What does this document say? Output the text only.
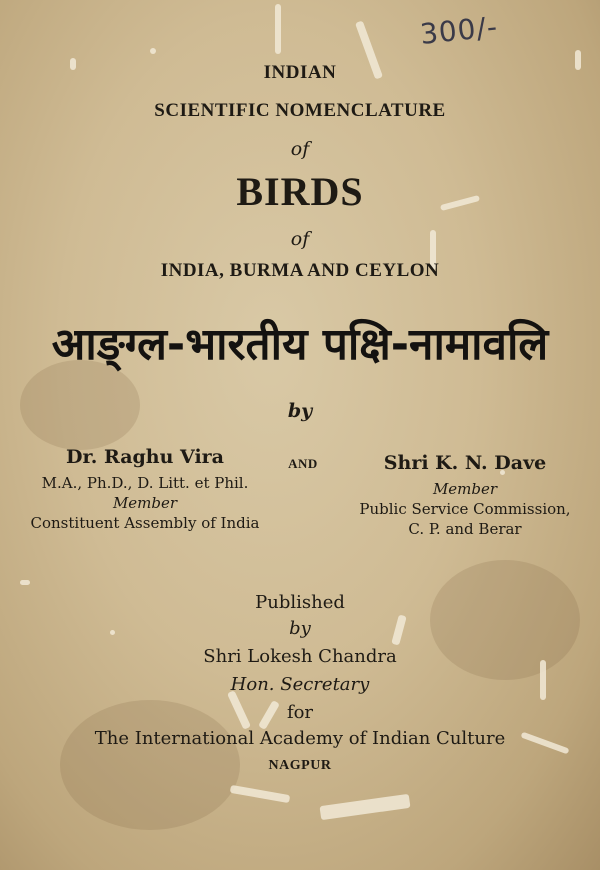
300/-
INDIAN
SCIENTIFIC NOMENCLATURE
of
BIRDS
of
INDIA, BURMA AND CEYLON
आङ्ग्ल-भारतीय पक्षि-नामावलि
by
Dr. Raghu Vira
M.A., Ph.D., D. Litt. et Phil.
Member
Constituent Assembly of India
AND	Shri K. N. Dave
Member
Public Service Commission,
C. P. and Berar
Published
by
Shri Lokesh Chandra
Hon. Secretary
for
The International Academy of Indian Culture
NAGPUR
